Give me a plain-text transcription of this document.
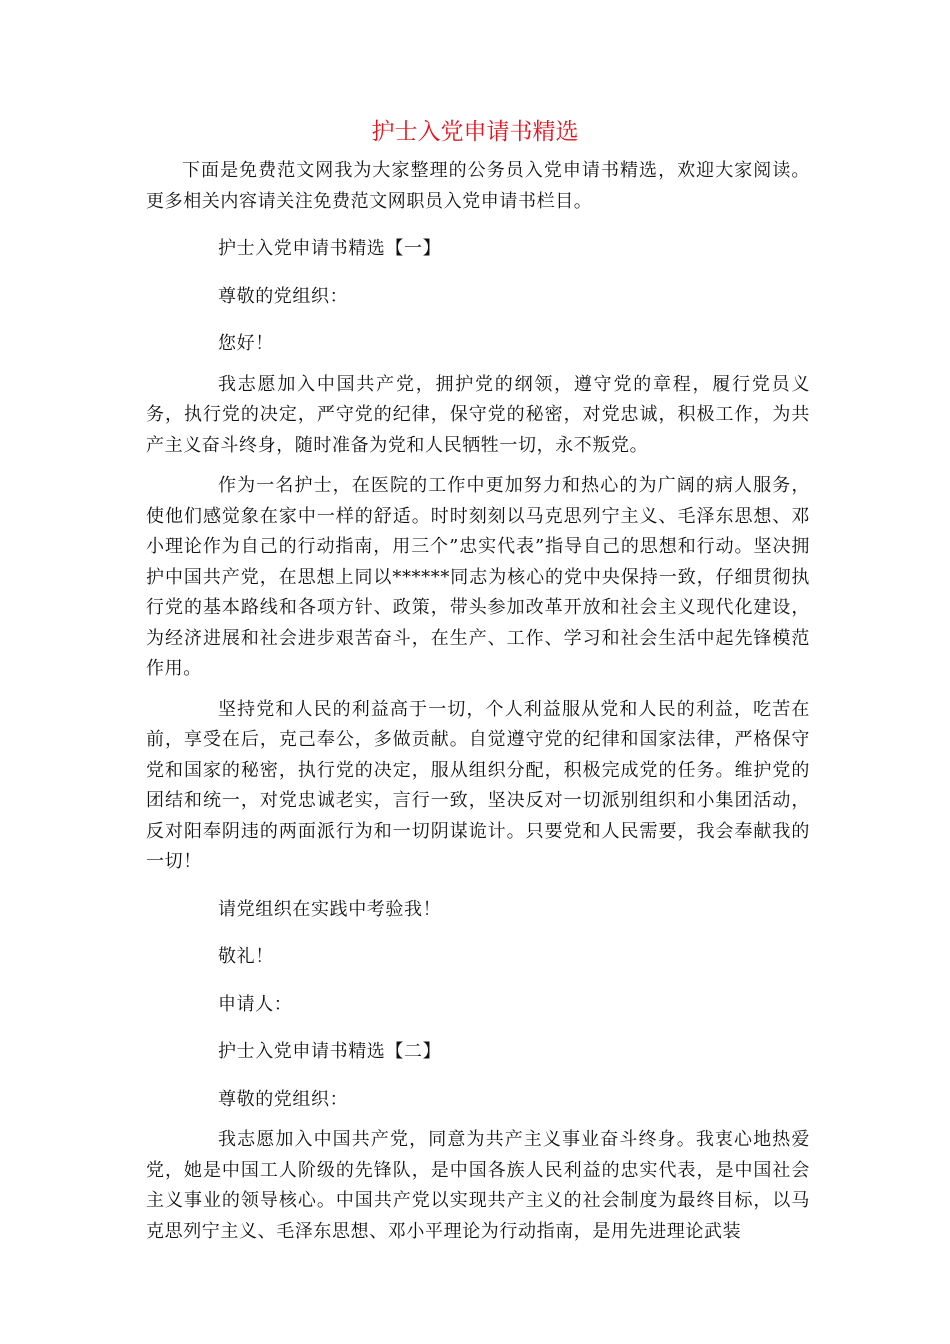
护士入党申请书精选

下面是免费范文网我为大家整理的公务员入党申请书精选，欢迎大家阅读。更多相关内容请关注免费范文网职员入党申请书栏目。

护士入党申请书精选【一】

尊敬的党组织：

您好！

我志愿加入中国共产党，拥护党的纲领，遵守党的章程，履行党员义务，执行党的决定，严守党的纪律，保守党的秘密，对党忠诚，积极工作，为共产主义奋斗终身，随时准备为党和人民牺牲一切，永不叛党。

作为一名护士，在医院的工作中更加努力和热心的为广阔的病人服务，使他们感觉象在家中一样的舒适。时时刻刻以马克思列宁主义、毛泽东思想、邓小理论作为自己的行动指南，用三个”忠实代表”指导自己的思想和行动。坚决拥护中国共产党，在思想上同以******同志为核心的党中央保持一致，仔细贯彻执行党的基本路线和各项方针、政策，带头参加改革开放和社会主义现代化建设，为经济进展和社会进步艰苦奋斗，在生产、工作、学习和社会生活中起先锋模范作用。

坚持党和人民的利益高于一切，个人利益服从党和人民的利益，吃苦在前，享受在后，克己奉公，多做贡献。自觉遵守党的纪律和国家法律，严格保守党和国家的秘密，执行党的决定，服从组织分配，积极完成党的任务。维护党的团结和统一，对党忠诚老实，言行一致，坚决反对一切派别组织和小集团活动，反对阳奉阴违的两面派行为和一切阴谋诡计。只要党和人民需要，我会奉献我的一切！

请党组织在实践中考验我！

敬礼！

申请人：

护士入党申请书精选【二】

尊敬的党组织：

我志愿加入中国共产党，同意为共产主义事业奋斗终身。我衷心地热爱党，她是中国工人阶级的先锋队，是中国各族人民利益的忠实代表，是中国社会主义事业的领导核心。中国共产党以实现共产主义的社会制度为最终目标，以马克思列宁主义、毛泽东思想、邓小平理论为行动指南，是用先进理论武装
